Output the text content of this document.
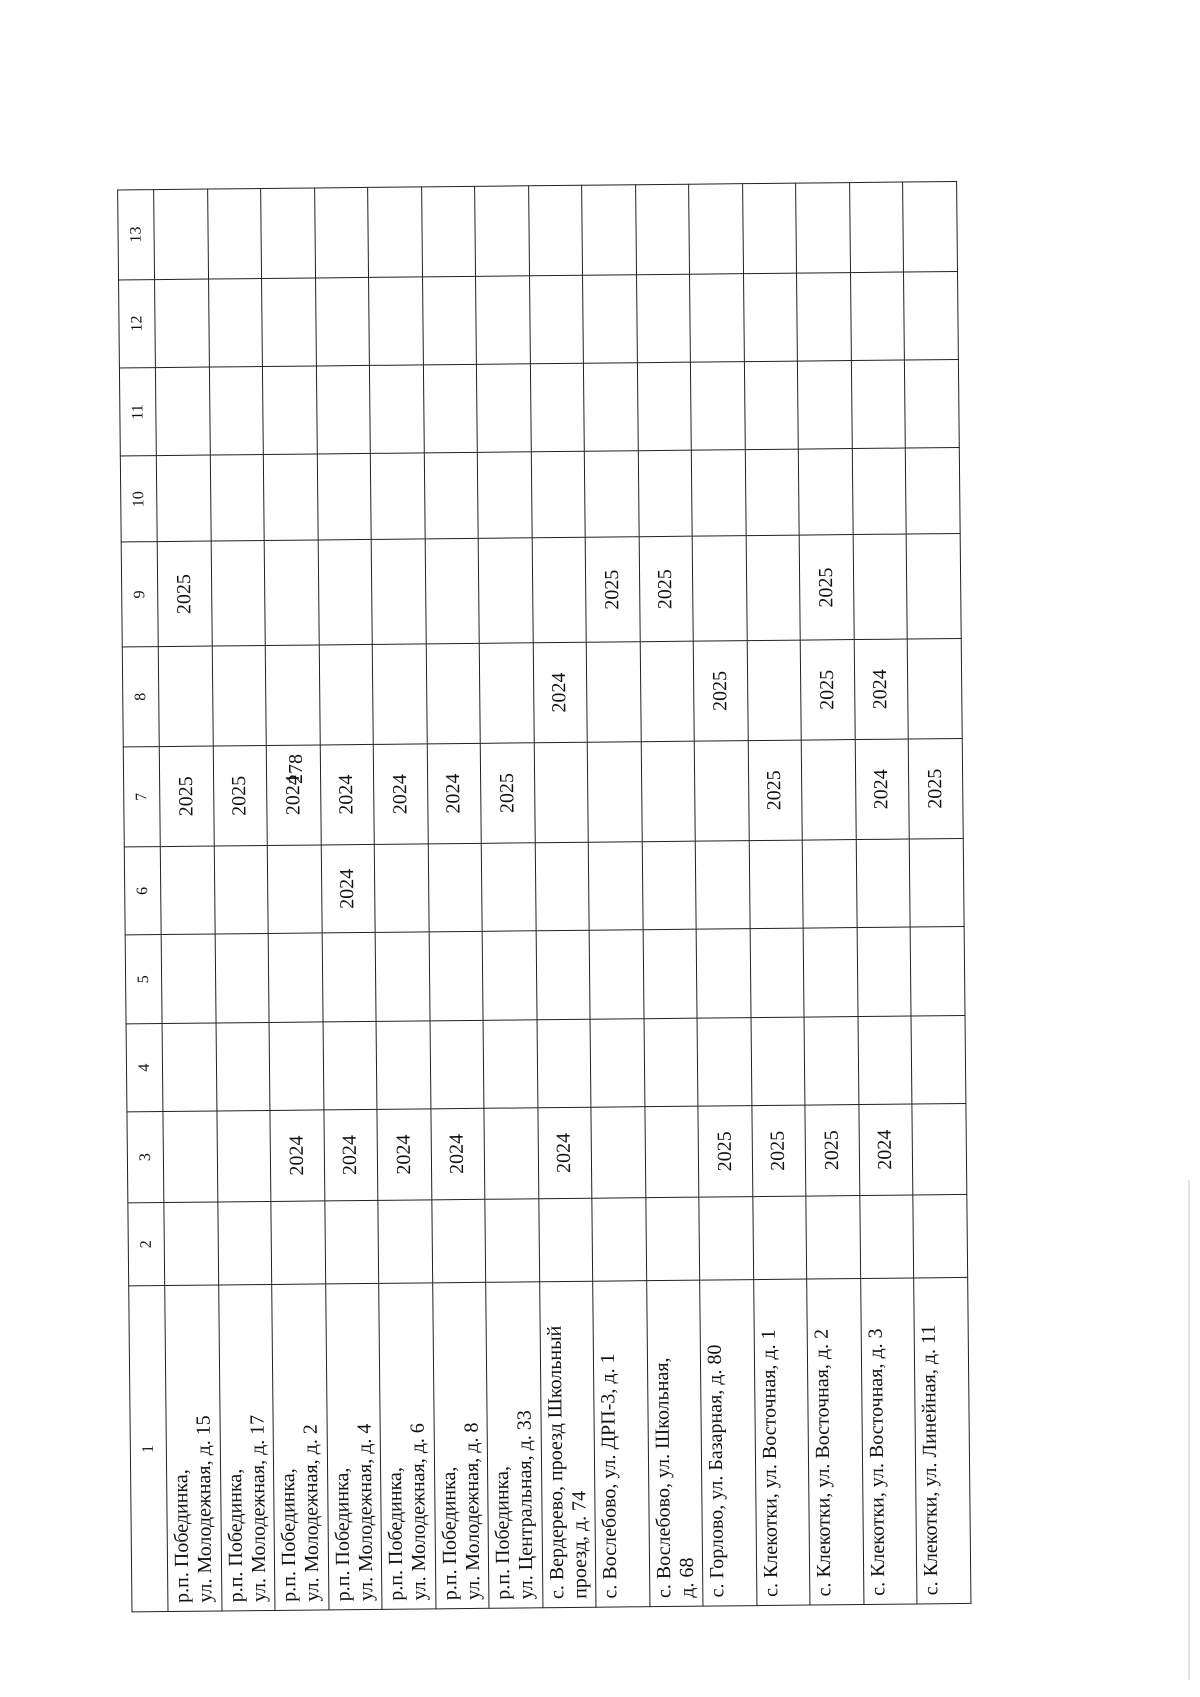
278
1	2	3	4	5	6	7	8	9	10	11	12	13

р.п. Побединка, ул. Молодежная, д. 15						2025		2025				

р.п. Побединка, ул. Молодежная, д. 17						2025						

р.п. Побединка, ул. Молодежная, д. 2		2024				2024						

р.п. Побединка, ул. Молодежная, д. 4		2024			2024	2024						

р.п. Побединка, ул. Молодежная, д. 6		2024				2024						

р.п. Побединка, ул. Молодежная, д. 8		2024				2024						

р.п. Побединка, ул. Центральная, д. 33						2025						

с. Вердерево, проезд Школьный проезд, д. 74		2024					2024					

с. Вослебово, ул. ДРП-3, д. 1								2025				

с. Вослебово, ул. Школьная, д. 68								2025				

с. Горлово, ул. Базарная, д. 80		2025					2025					

с. Клекотки, ул. Восточная, д. 1		2025				2025						

с. Клекотки, ул. Восточная, д. 2		2025					2025	2025				

с. Клекотки, ул. Восточная, д. 3		2024				2024	2024					

с. Клекотки, ул. Линейная, д. 11						2025						
